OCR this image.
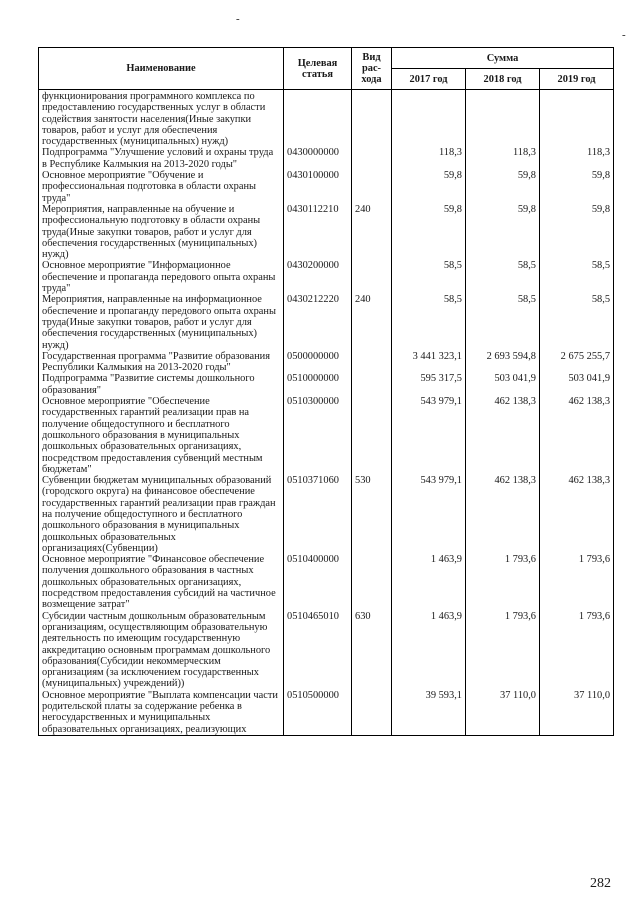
-
-
Наименование	Целевая статья	Вид рас-хода	Сумма		
			2017 год	2018 год	2019 год
функционирования программного комплекса по предоставлению государственных услуг в области содействия занятости населения(Иные закупки товаров, работ и услуг для обеспечения государственных (муниципальных) нужд)					
Подпрограмма "Улучшение условий и охраны труда в Республике Калмыкия на 2013-2020 годы"	0430000000		118,3	118,3	118,3
Основное мероприятие "Обучение и профессиональная подготовка в области охраны труда"	0430100000		59,8	59,8	59,8
Мероприятия, направленные на обучение и профессиональную подготовку в области охраны труда(Иные закупки товаров, работ и услуг для обеспечения государственных (муниципальных) нужд)	0430112210	240	59,8	59,8	59,8
Основное мероприятие "Информационное обеспечение и пропаганда передового опыта охраны труда"	0430200000		58,5	58,5	58,5
Мероприятия, направленные на информационное обеспечение и пропаганду передового опыта охраны труда(Иные закупки товаров, работ и услуг для обеспечения государственных (муниципальных) нужд)	0430212220	240	58,5	58,5	58,5
Государственная программа "Развитие образования Республики Калмыкия на 2013-2020 годы"	0500000000		3 441 323,1	2 693 594,8	2 675 255,7
Подпрограмма "Развитие системы дошкольного образования"	0510000000		595 317,5	503 041,9	503 041,9
Основное мероприятие "Обеспечение государственных гарантий реализации прав на получение общедоступного и бесплатного дошкольного образования в муниципальных дошкольных образовательных организациях, посредством предоставления субвенций местным бюджетам"	0510300000		543 979,1	462 138,3	462 138,3
Субвенции бюджетам муниципальных образований (городского округа) на финансовое обеспечение государственных гарантий реализации прав граждан на получение общедоступного и бесплатного дошкольного образования в муниципальных дошкольных образовательных организациях(Субвенции)	0510371060	530	543 979,1	462 138,3	462 138,3
Основное мероприятие "Финансовое обеспечение получения дошкольного образования в частных дошкольных образовательных организациях, посредством предоставления субсидий на частичное возмещение затрат"	0510400000		1 463,9	1 793,6	1 793,6
Субсидии частным дошкольным образовательным организациям, осуществляющим образовательную деятельность по имеющим государственную аккредитацию основным программам дошкольного образования(Субсидии некоммерческим организациям (за исключением государственных (муниципальных) учреждений))	0510465010	630	1 463,9	1 793,6	1 793,6
Основное мероприятие "Выплата компенсации части родительской платы за содержание ребенка в негосударственных и муниципальных образовательных организациях, реализующих	0510500000		39 593,1	37 110,0	37 110,0
282
